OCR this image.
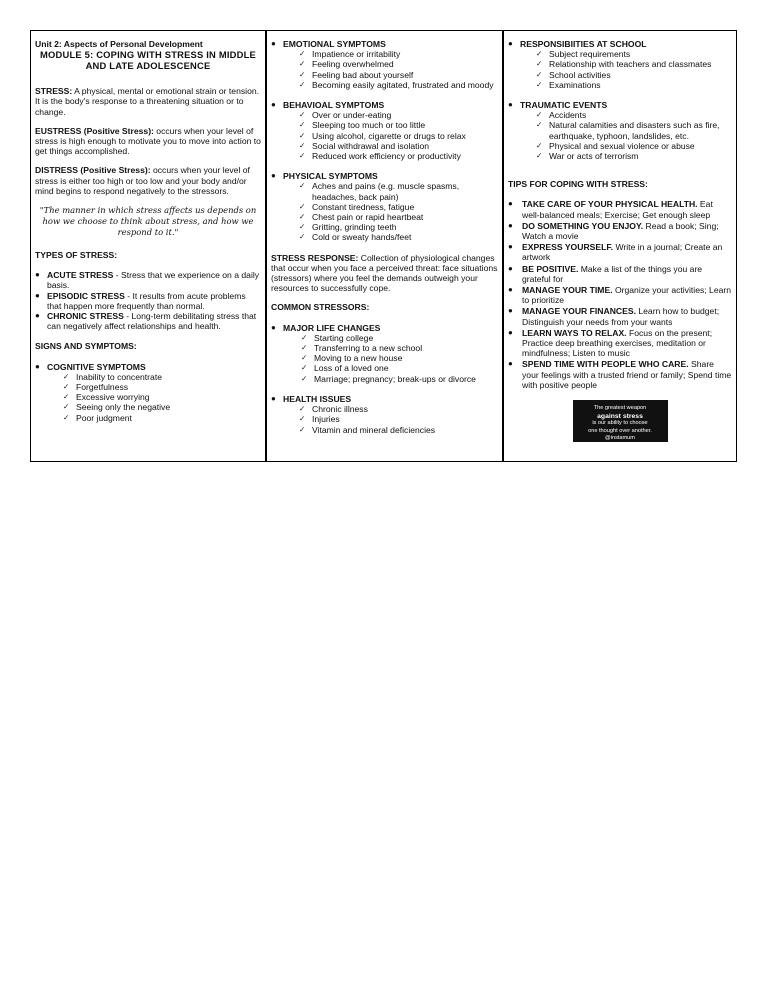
Unit 2: Aspects of Personal Development
MODULE 5: COPING WITH STRESS IN MIDDLE
AND LATE ADOLESCENCE

STRESS: A physical, mental or emotional strain or tension. It is the body's response to a threatening situation or to change.

EUSTRESS (Positive Stress): occurs when your level of stress is high enough to motivate you to move into action to get things accomplished.

DISTRESS (Positive Stress): occurs when your level of stress is either too high or too low and your body and/or mind begins to respond negatively to the stressors.

"The manner in which stress affects us depends on how we choose to think about stress, and how we respond to it."
TYPES OF STRESS:
● ACUTE STRESS - Stress that we experience on a daily basis.
● EPISODIC STRESS - It results from acute problems that happen more frequently than normal.
● CHRONIC STRESS - Long-term debilitating stress that can negatively affect relationships and health.
SIGNS AND SYMPTOMS:
● COGNITIVE SYMPTOMS
✓ Inability to concentrate
✓ Forgetfulness
✓ Excessive worrying
✓ Seeing only the negative
✓ Poor judgment
● EMOTIONAL SYMPTOMS
✓ Impatience or irritability
✓ Feeling overwhelmed
✓ Feeling bad about yourself
✓ Becoming easily agitated, frustrated and moody
● BEHAVIOAL SYMPTOMS
✓ Over or under-eating
✓ Sleeping too much or too little
✓ Using alcohol, cigarette or drugs to relax
✓ Social withdrawal and isolation
✓ Reduced work efficiency or productivity
● PHYSICAL SYMPTOMS
✓ Aches and pains (e.g. muscle spasms, headaches, back pain)
✓ Constant tiredness, fatigue
✓ Chest pain or rapid heartbeat
✓ Gritting, grinding teeth
✓ Cold or sweaty hands/feet

STRESS RESPONSE: Collection of physiological changes that occur when you face a perceived threat: face situations (stressors) where you feel the demands outweigh your resources to successfully cope.

COMMON STRESSORS:
● MAJOR LIFE CHANGES
✓ Starting college
✓ Transferring to a new school
✓ Moving to a new house
✓ Loss of a loved one
✓ Marriage; pregnancy; break-ups or divorce
● HEALTH ISSUES
✓ Chronic illness
✓ Injuries
✓ Vitamin and mineral deficiencies
● RESPONSIBIITIES AT SCHOOL
✓ Subject requirements
✓ Relationship with teachers and classmates
✓ School activities
✓ Examinations
● TRAUMATIC EVENTS
✓ Accidents
✓ Natural calamities and disasters such as fire, earthquake, typhoon, landslides, etc.
✓ Physical and sexual violence or abuse
✓ War or acts of terrorism
TIPS FOR COPING WITH STRESS:
●	TAKE CARE OF YOUR PHYSICAL HEALTH. Eat well-balanced meals; Exercise; Get enough sleep
●	DO SOMETHING YOU ENJOY. Read a book; Sing; Watch a movie
●	EXPRESS YOURSELF. Write in a journal; Create an artwork
●	BE POSITIVE. Make a list of the things you are grateful for
●	MANAGE YOUR TIME. Organize your activities; Learn to prioritize
●	MANAGE YOUR FINANCES. Learn how to budget; Distinguish your needs from your wants
●	LEARN WAYS TO RELAX. Focus on the present; Practice deep breathing exercises, meditation or mindfulness; Listen to music
●	SPEND TIME WITH PEOPLE WHO CARE. Share your feelings with a trusted friend or family; Spend time with positive people
The greatest weapon
against stress
is our ability to choose
one thought over another.
@instamum
